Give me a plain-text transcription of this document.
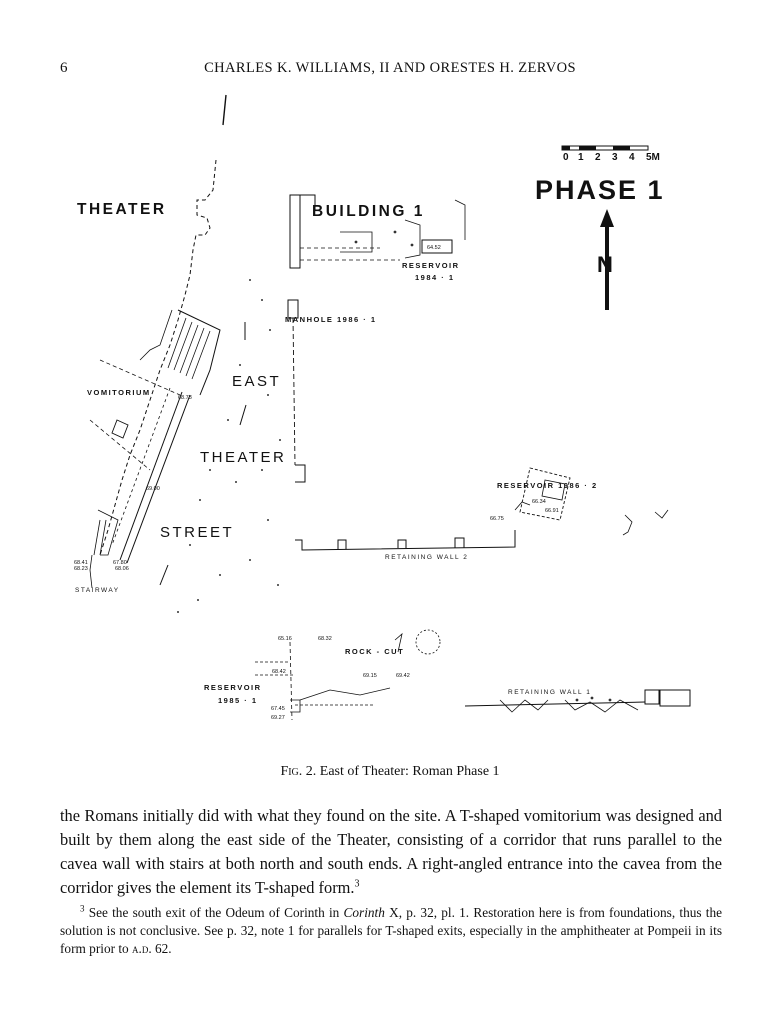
6	CHARLES K. WILLIAMS, II AND ORESTES H. ZERVOS
0 1 2 3 4 5M
PHASE 1
N
THEATER	BUILDING 1
RESERVOIR
1984 · 1
MANHOLE 1986 · 1
EAST
THEATER
STREET
VOMITORIUM
RESERVOIR 1986 · 2
RETAINING WALL 2
STAIRWAY
ROCK - CUT
RESERVOIR
1985 · 1
RETAINING WALL 1
64.52
68.73
69.00
68.41
68.23
67.80
68.06
66.34
66.91
66.75
65.16	68.32
68.42
69.15	69.42
67.45
69.27
Fig. 2. East of Theater: Roman Phase 1

the Romans initially did with what they found on the site. A T-shaped vomitorium was designed and built by them along the east side of the Theater, consisting of a corridor that runs parallel to the cavea wall with stairs at both north and south ends. A right-angled entrance into the cavea from the corridor gives the element its T-shaped form.$^3$

$^3$ See the south exit of the Odeum of Corinth in Corinth X, p. 32, pl. 1. Restoration here is from foundations, thus the solution is not conclusive. See p. 32, note 1 for parallels for T-shaped exits, especially in the amphitheater at Pompeii in its form prior to a.d. 62.
